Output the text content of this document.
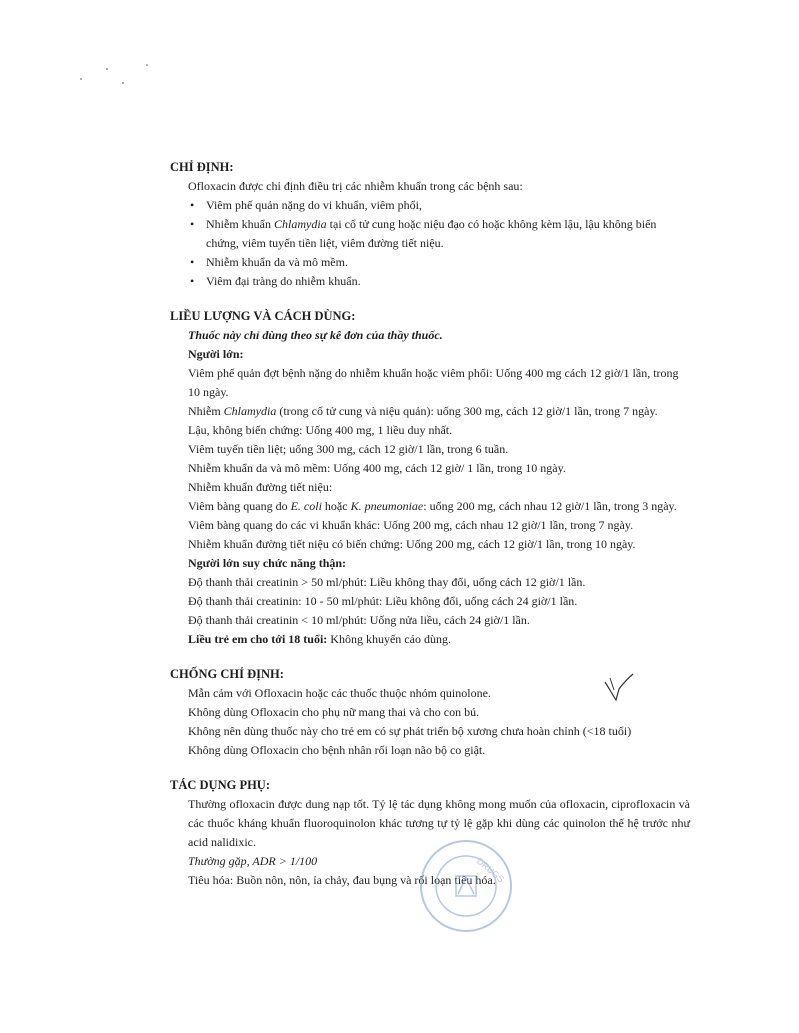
CHỈ ĐỊNH:

Ofloxacin được chỉ định điều trị các nhiễm khuẩn trong các bệnh sau:

• Viêm phế quản nặng do vi khuẩn, viêm phổi,
• Nhiễm khuẩn Chlamydia tại cổ tử cung hoặc niệu đạo có hoặc không kèm lậu, lậu không biến chứng, viêm tuyến tiền liệt, viêm đường tiết niệu.
• Nhiễm khuẩn da và mô mềm.
• Viêm đại tràng do nhiễm khuẩn.

LIỀU LƯỢNG VÀ CÁCH DÙNG:

Thuốc này chỉ dùng theo sự kê đơn của thầy thuốc.

Người lớn:

Viêm phế quản đợt bệnh nặng do nhiễm khuẩn hoặc viêm phổi: Uống 400 mg cách 12 giờ/1 lần, trong 10 ngày.

Nhiễm Chlamydia (trong cổ tử cung và niệu quản): uống 300 mg, cách 12 giờ/1 lần, trong 7 ngày.

Lậu, không biến chứng: Uống 400 mg, 1 liều duy nhất.

Viêm tuyến tiền liệt; uống 300 mg, cách 12 giờ/1 lần, trong 6 tuần.

Nhiễm khuẩn da và mô mềm: Uống 400 mg, cách 12 giờ/ 1 lần, trong 10 ngày.

Nhiễm khuẩn đường tiết niệu:

Viêm bàng quang do E. coli hoặc K. pneumoniae: uống 200 mg, cách nhau 12 giờ/1 lần, trong 3 ngày.

Viêm bàng quang do các vi khuẩn khác: Uống 200 mg, cách nhau 12 giờ/1 lần, trong 7 ngày.

Nhiễm khuẩn đường tiết niệu có biến chứng: Uống 200 mg, cách 12 giờ/1 lần, trong 10 ngày.

Người lớn suy chức năng thận:

Độ thanh thải creatinin > 50 ml/phút: Liều không thay đổi, uống cách 12 giờ/1 lần.

Độ thanh thải creatinin: 10 - 50 ml/phút: Liều không đổi, uống cách 24 giờ/1 lần.

Độ thanh thải creatinin < 10 ml/phút: Uống nửa liều, cách 24 giờ/1 lần.

Liều trẻ em cho tới 18 tuổi: Không khuyến cáo dùng.

CHỐNG CHỈ ĐỊNH:

Mẫn cảm với Ofloxacin hoặc các thuốc thuộc nhóm quinolone.

Không dùng Ofloxacin cho phụ nữ mang thai và cho con bú.

Không nên dùng thuốc này cho trẻ em có sự phát triển bộ xương chưa hoàn chỉnh (<18 tuổi)

Không dùng Ofloxacin cho bệnh nhân rối loạn não bộ co giật.

TÁC DỤNG PHỤ:

Thường ofloxacin được dung nạp tốt. Tỷ lệ tác dụng không mong muốn của ofloxacin, ciprofloxacin và các thuốc kháng khuẩn fluoroquinolon khác tương tự tỷ lệ gặp khi dùng các quinolon thế hệ trước như acid nalidixic.

Thường gặp, ADR > 1/100

Tiêu hóa: Buồn nôn, nôn, ỉa chảy, đau bụng và rối loạn tiêu hóa.

DRUGS
